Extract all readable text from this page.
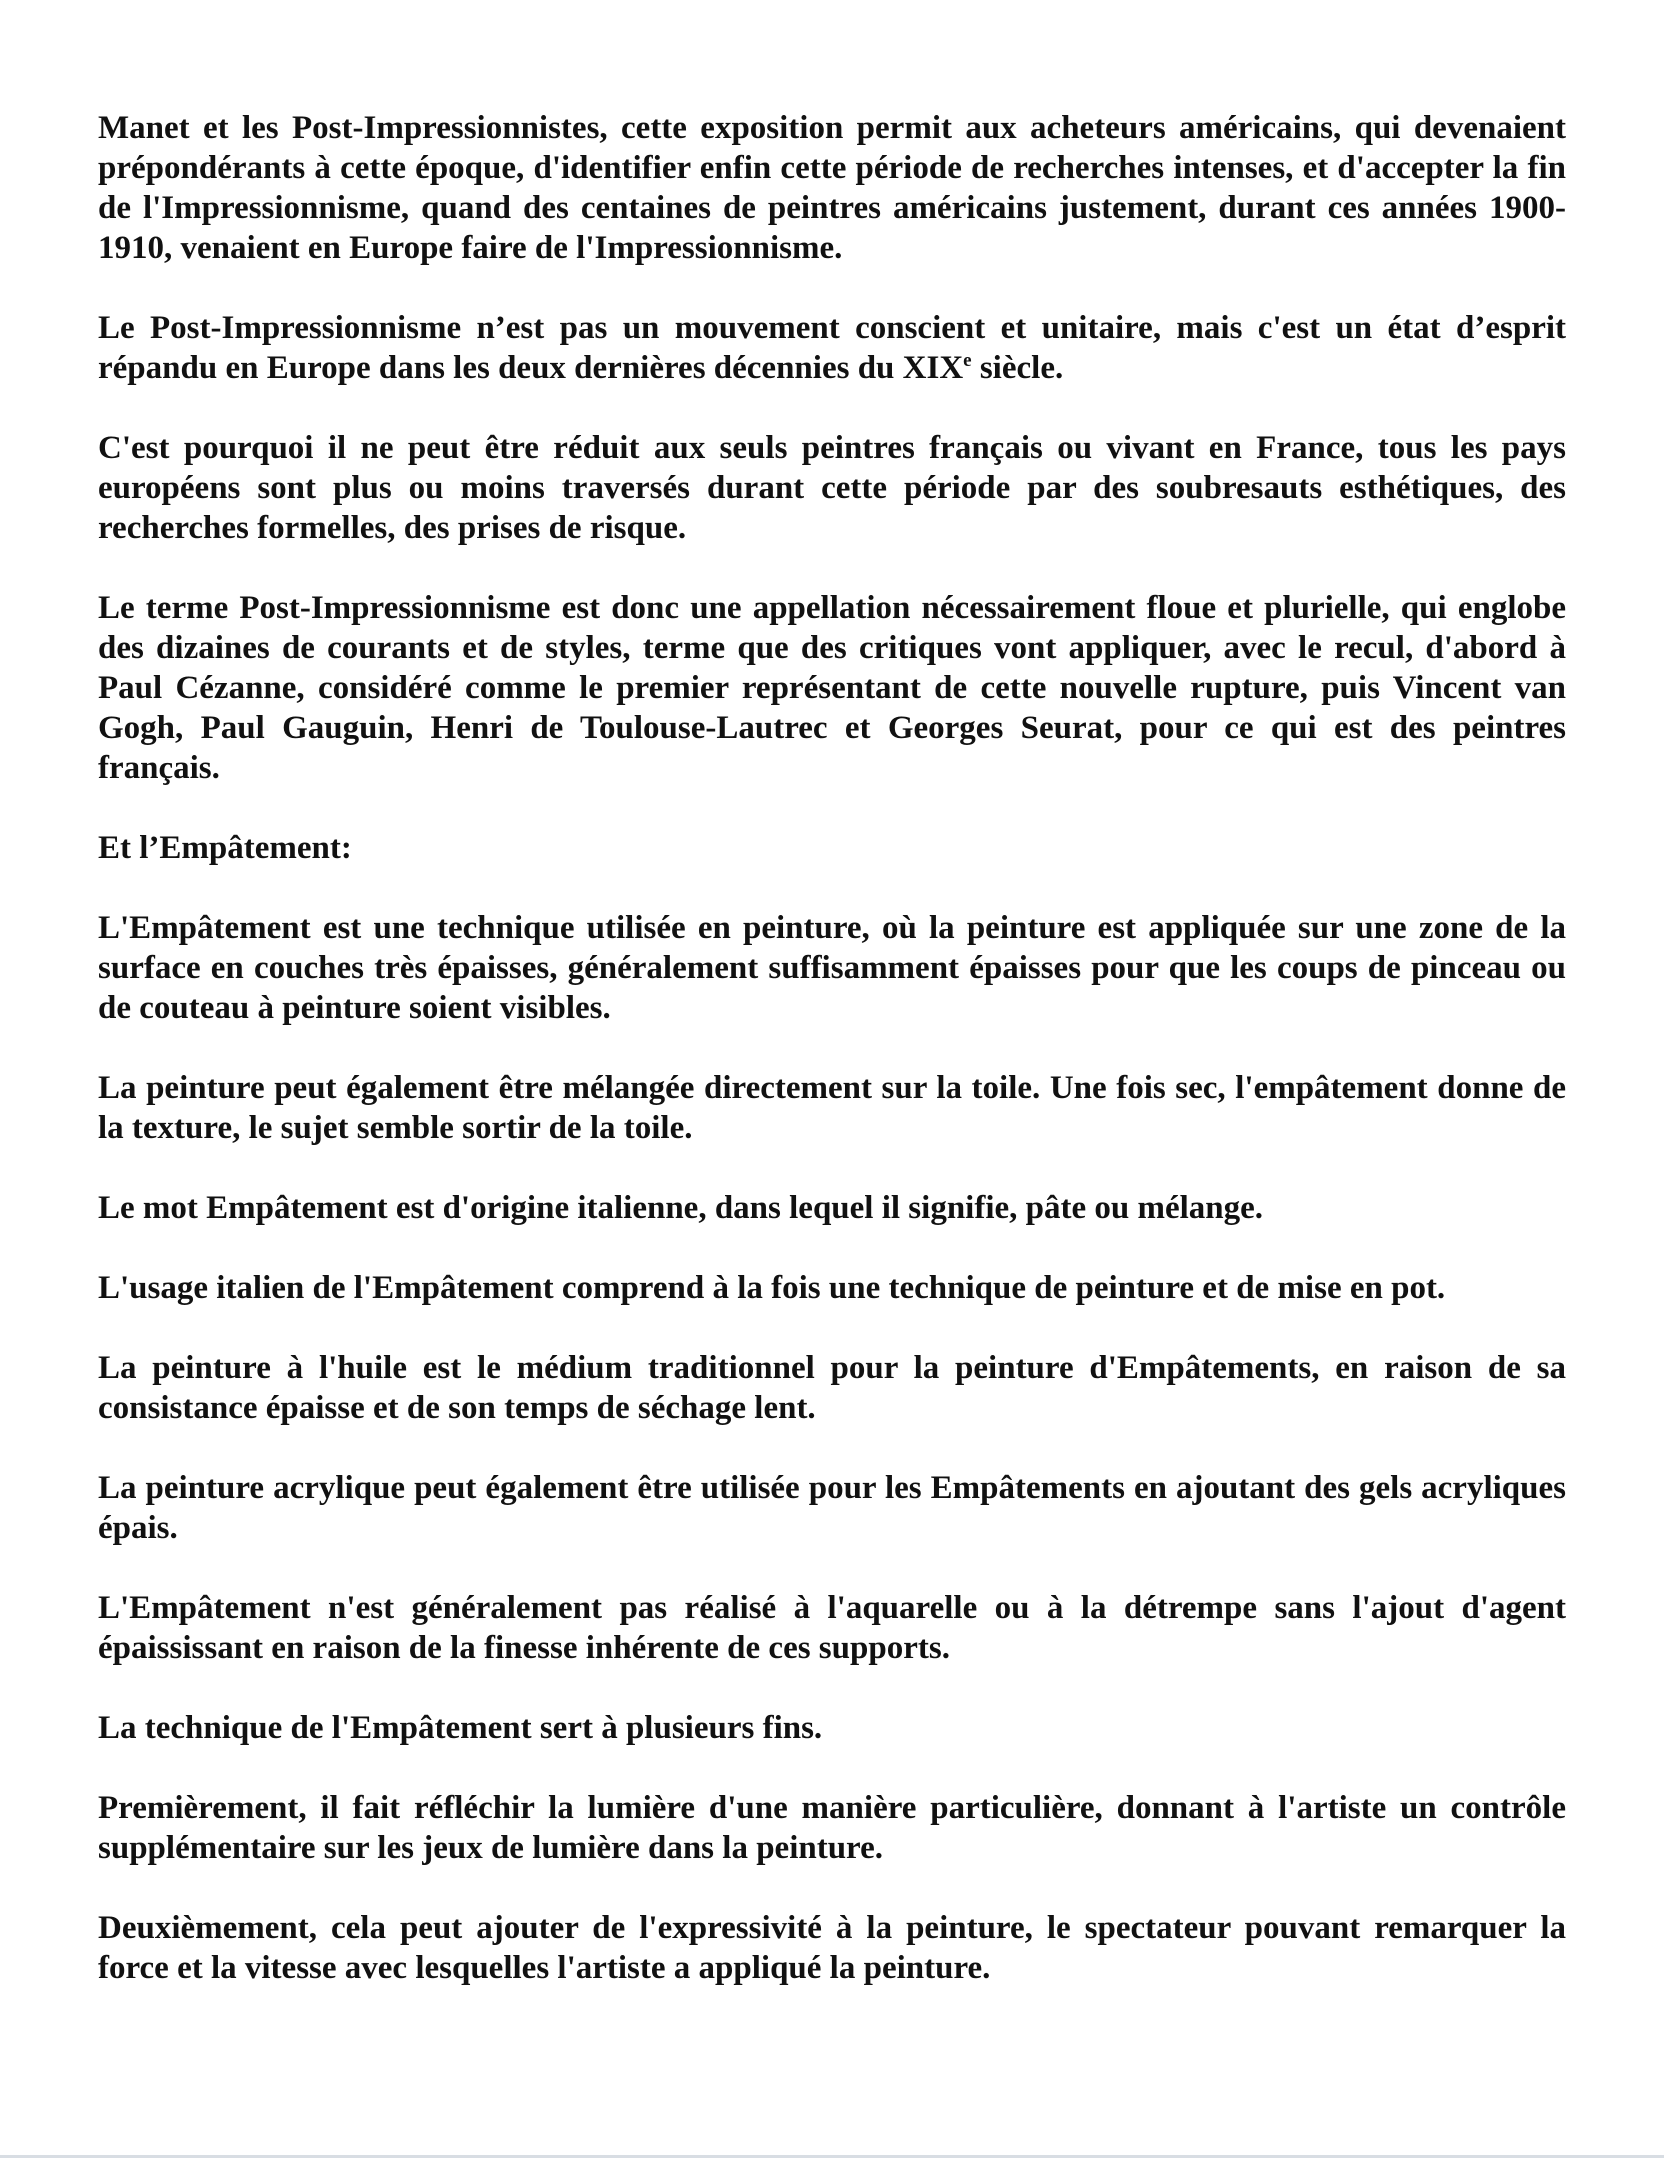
Manet et les Post-Impressionnistes, cette exposition permit aux acheteurs américains, qui devenaient prépondérants à cette époque, d'identifier enfin cette période de recherches intenses, et d'accepter la fin de l'Impressionnisme, quand des centaines de peintres américains justement, durant ces années 1900-1910, venaient en Europe faire de l'Impressionnisme.

Le Post-Impressionnisme n’est pas un mouvement conscient et unitaire, mais c'est un état d’esprit répandu en Europe dans les deux dernières décennies du XIXe siècle.

C'est pourquoi il ne peut être réduit aux seuls peintres français ou vivant en France, tous les pays européens sont plus ou moins traversés durant cette période par des soubresauts esthétiques, des recherches formelles, des prises de risque.

Le terme Post-Impressionnisme est donc une appellation nécessairement floue et plurielle, qui englobe des dizaines de courants et de styles, terme que des critiques vont appliquer, avec le recul, d'abord à Paul Cézanne, considéré comme le premier représentant de cette nouvelle rupture, puis Vincent van Gogh, Paul Gauguin, Henri de Toulouse-Lautrec et Georges Seurat, pour ce qui est des peintres français.

Et l’Empâtement:

L'Empâtement est une technique utilisée en peinture, où la peinture est appliquée sur une zone de la surface en couches très épaisses, généralement suffisamment épaisses pour que les coups de pinceau ou de couteau à peinture soient visibles.

La peinture peut également être mélangée directement sur la toile. Une fois sec, l'empâtement donne de la texture, le sujet semble sortir de la toile.

Le mot Empâtement est d'origine italienne, dans lequel il signifie, pâte ou mélange.

L'usage italien de l'Empâtement comprend à la fois une technique de peinture et de mise en pot.

La peinture à l'huile est le médium traditionnel pour la peinture d'Empâtements, en raison de sa consistance épaisse et de son temps de séchage lent.

La peinture acrylique peut également être utilisée pour les Empâtements en ajoutant des gels acryliques épais.

L'Empâtement n'est généralement pas réalisé à l'aquarelle ou à la détrempe sans l'ajout d'agent épaississant en raison de la finesse inhérente de ces supports.

La technique de l'Empâtement sert à plusieurs fins.

Premièrement, il fait réfléchir la lumière d'une manière particulière, donnant à l'artiste un contrôle supplémentaire sur les jeux de lumière dans la peinture.

Deuxièmement, cela peut ajouter de l'expressivité à la peinture, le spectateur pouvant remarquer la force et la vitesse avec lesquelles l'artiste a appliqué la peinture.
